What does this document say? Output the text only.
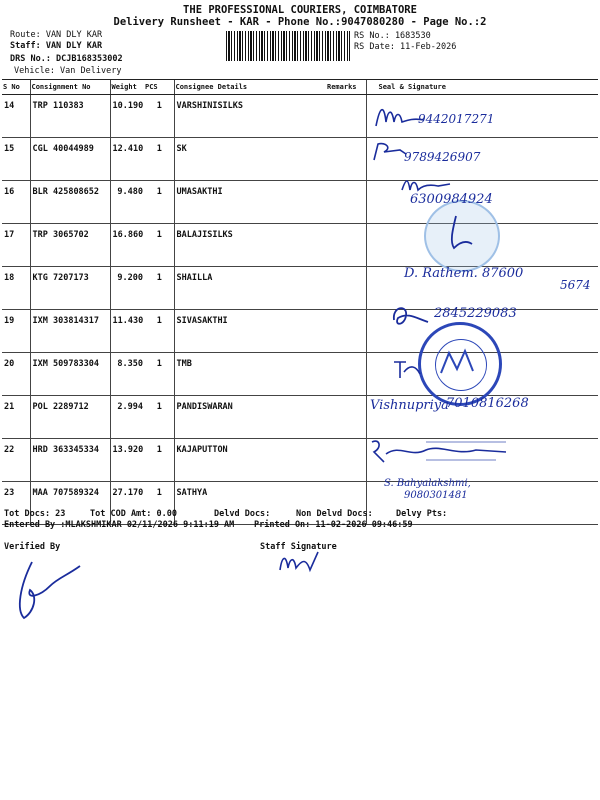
THE PROFESSIONAL COURIERS, COIMBATORE
Delivery Runsheet - KAR - Phone No.:9047080280 - Page No.:2
Route: VAN DLY KAR
Staff: VAN DLY KAR
DRS No.: DCJB168353002
Vehicle: Van Delivery
RS No.: 1683530
RS Date: 11-Feb-2026
S No	Consignment No	Weight	PCS	Consignee Details	Remarks	Seal & Signature
14	TRP 110383	10.190	1	VARSHINISILKS		
15	CGL 40044989	12.410	1	SK		
16	BLR 425808652	9.480	1	UMASAKTHI		
17	TRP 3065702	16.860	1	BALAJISILKS		
18	KTG 7207173	9.200	1	SHAILLA		
19	IXM 303814317	11.430	1	SIVASAKTHI		
20	IXM 509783304	8.350	1	TMB		
21	POL 2289712	2.994	1	PANDISWARAN		
22	HRD 363345334	13.920	1	KAJAPUTTON		
23	MAA 707589324	27.170	1	SATHYA		
9442017271
9789426907
6300984924
D. Rathem. 87600
5674
2845229083
Vishnupriya
7010816268
S. Bahyalakshmi,
9080301481
Tot Docs: 23	Tot COD Amt: 0.00	Delvd Docs:	Non Delvd Docs:	Delvy Pts:
Entered By :MLAKSHMIKAR 02/11/2026 9:11:19 AM Printed On: 11-02-2026 09:46:59
Verified By	Staff Signature
